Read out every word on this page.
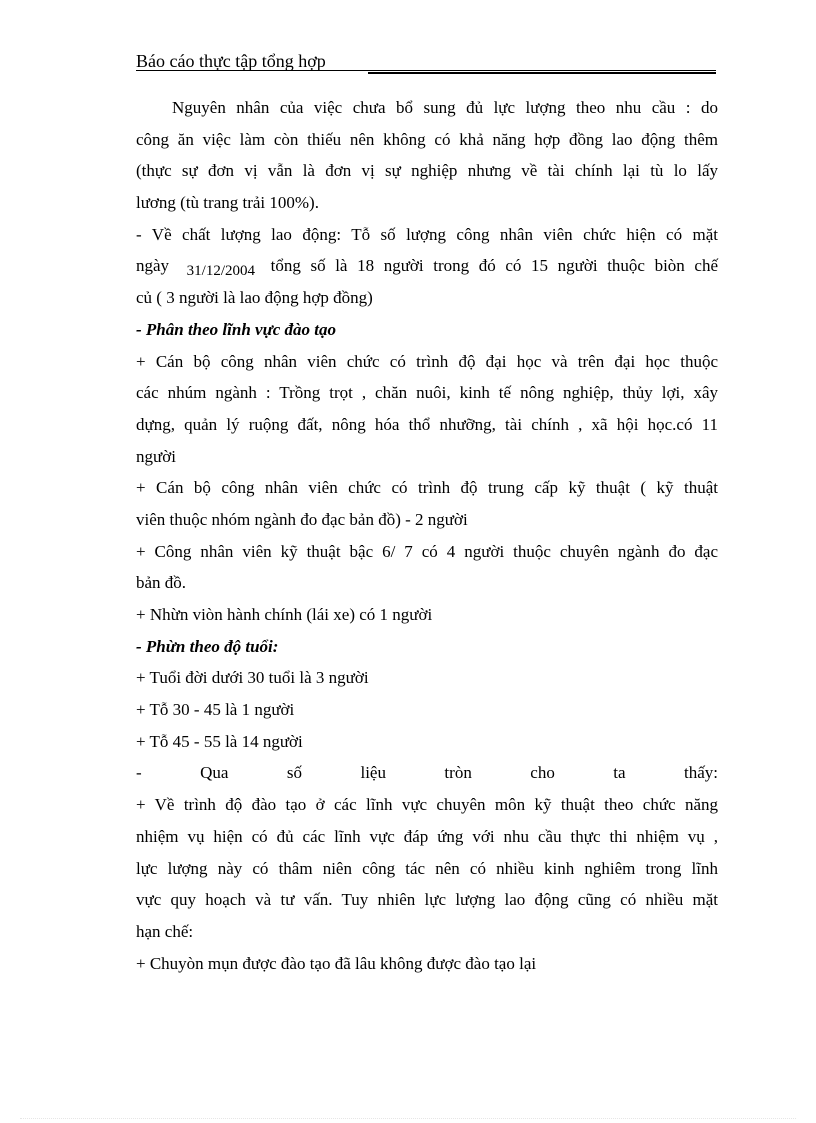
Báo cáo thực tập tổng hợp
Nguyên nhân của việc chưa bổ sung đủ lực lượng theo nhu cầu : do
công ăn việc làm còn thiếu nên không có khả năng hợp đồng lao động thêm
(thực sự đơn vị vẫn là đơn vị sự nghiệp nhưng về tài chính lại tù lo lấy
lương (tù trang trải 100%).
- Về chất lượng lao động: Tỗ số lượng công nhân viên chức hiện có mặt
ngày 31/12/2004 tổng số là 18 người trong đó có 15 người thuộc biòn chế
củ ( 3 người là lao động hợp đồng)
- Phân theo lĩnh vực đào tạo
+ Cán bộ công nhân viên chức có trình độ đại học và trên đại học thuộc
các nhúm ngành : Trồng trọt , chăn nuôi, kinh tế nông nghiệp, thủy lợi, xây
dựng, quản lý ruộng đất, nông hóa thổ nhưỡng, tài chính , xã hội học.có 11
người
+ Cán bộ công nhân viên chức có trình độ trung cấp kỹ thuật ( kỹ thuật
viên thuộc nhóm ngành đo đạc bản đồ) - 2 người
+ Công nhân viên kỹ thuật bậc 6/ 7 có 4 người thuộc chuyên ngành đo đạc
bản đồ.
+ Nhừn viòn hành chính (lái xe) có 1 người
- Phừn theo độ tuổi:
+ Tuổi đời dưới 30 tuổi là 3 người
+ Tỗ 30 - 45 là 1 người
+ Tỗ 45 - 55 là 14 người
- Qua số liệu tròn cho ta thấy:
+ Về trình độ đào tạo ở các lĩnh vực chuyên môn kỹ thuật theo chức năng
nhiệm vụ hiện có đủ các lĩnh vực đáp ứng với nhu cầu thực thi nhiệm vụ ,
lực lượng này có thâm niên công tác nên có nhiều kinh nghiêm trong lĩnh
vực quy hoạch và tư vấn. Tuy nhiên lực lượng lao động cũng có nhiều mặt
hạn chế:
+ Chuyòn mụn được đào tạo đã lâu không được đào tạo lại
